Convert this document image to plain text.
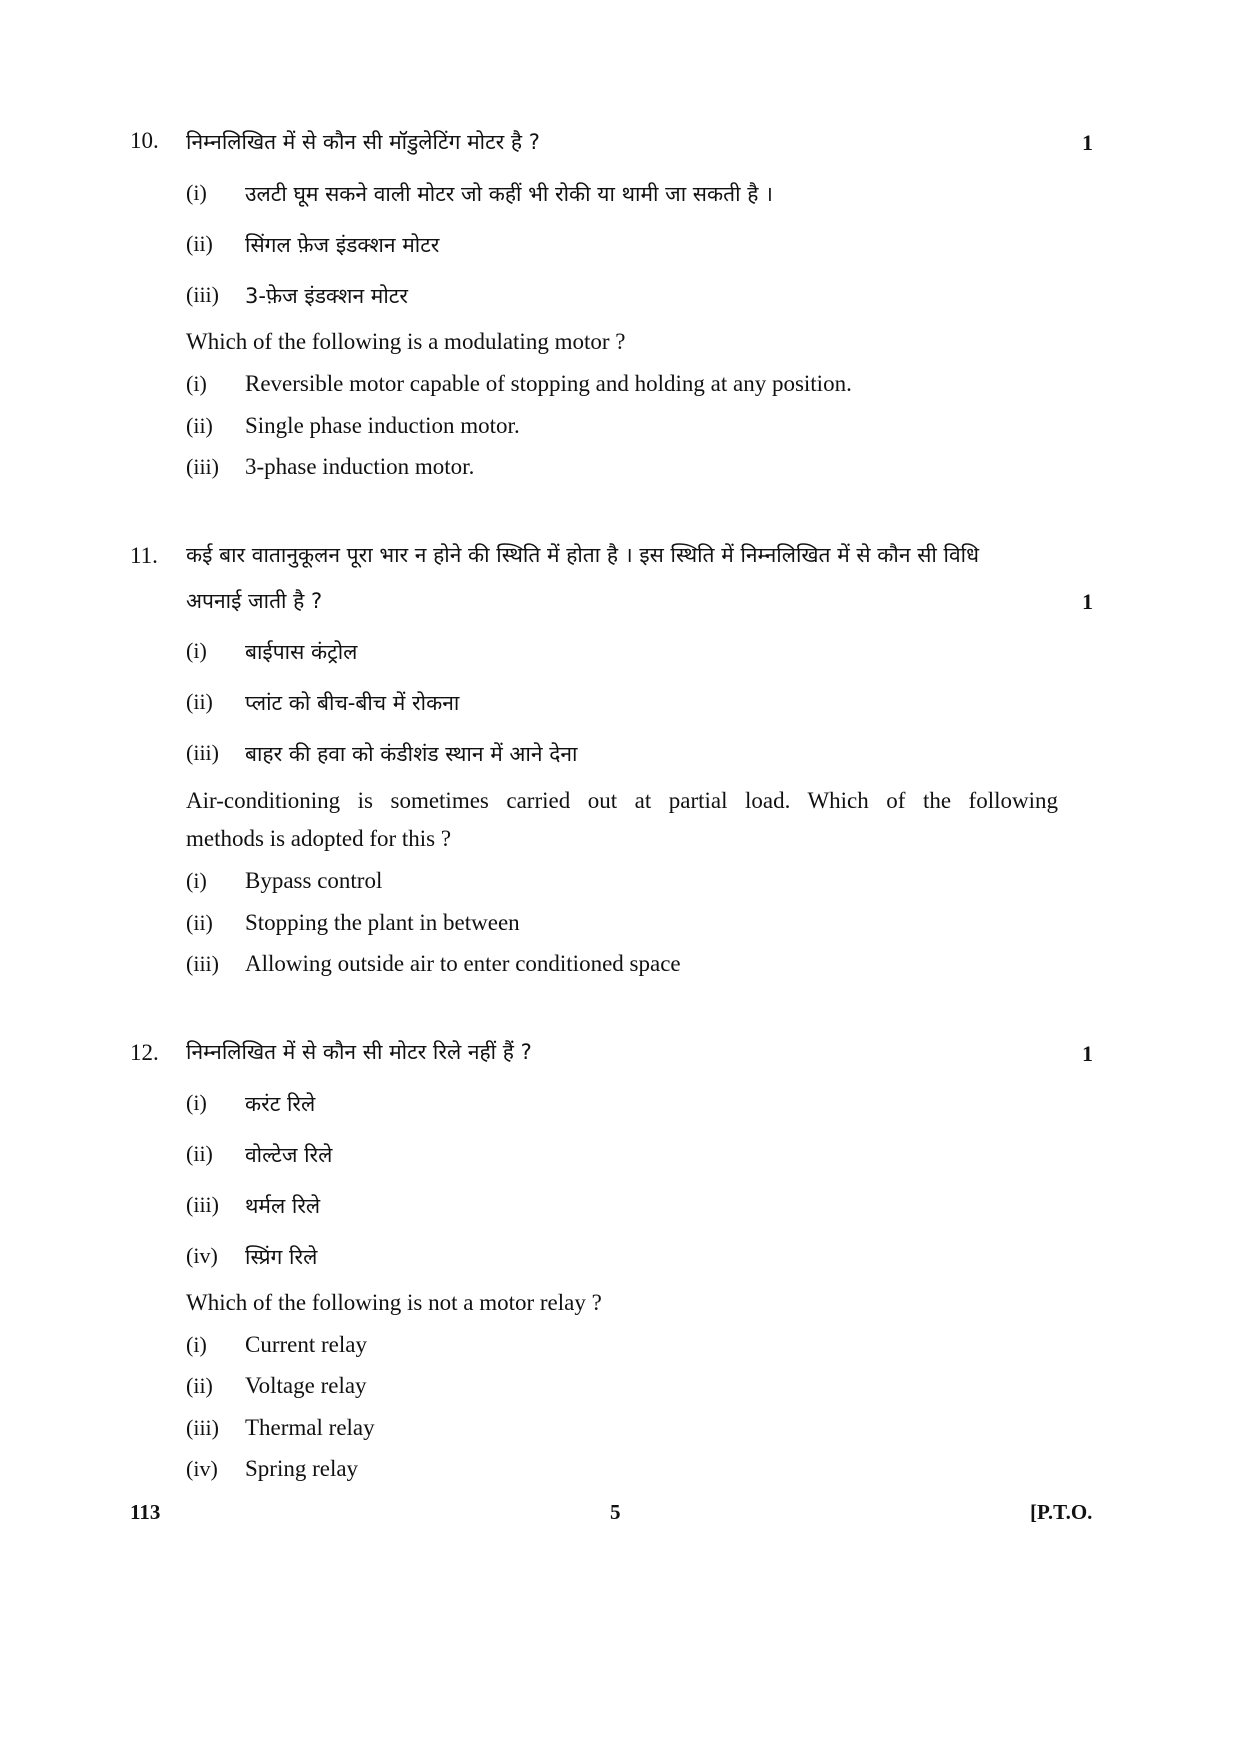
10. निम्नलिखित में से कौन सी मॉडुलेटिंग मोटर है ?	1
(i) उलटी घूम सकने वाली मोटर जो कहीं भी रोकी या थामी जा सकती है ।
(ii) सिंगल फ़ेज इंडक्शन मोटर
(iii) 3-फ़ेज इंडक्शन मोटर
Which of the following is a modulating motor ?
(i) Reversible motor capable of stopping and holding at any position.
(ii) Single phase induction motor.
(iii) 3-phase induction motor.
11. कई बार वातानुकूलन पूरा भार न होने की स्थिति में होता है । इस स्थिति में निम्नलिखित में से कौन सी विधि
अपनाई जाती है ?	1
(i) बाईपास कंट्रोल
(ii) प्लांट को बीच-बीच में रोकना
(iii) बाहर की हवा को कंडीशंड स्थान में आने देना
Air-conditioning is sometimes carried out at partial load. Which of the following
methods is adopted for this ?
(i) Bypass control
(ii) Stopping the plant in between
(iii) Allowing outside air to enter conditioned space
12. निम्नलिखित में से कौन सी मोटर रिले नहीं हैं ?	1
(i) करंट रिले
(ii) वोल्टेज रिले
(iii) थर्मल रिले
(iv) स्प्रिंग रिले
Which of the following is not a motor relay ?
(i) Current relay
(ii) Voltage relay
(iii) Thermal relay
(iv) Spring relay
113	5	[P.T.O.
